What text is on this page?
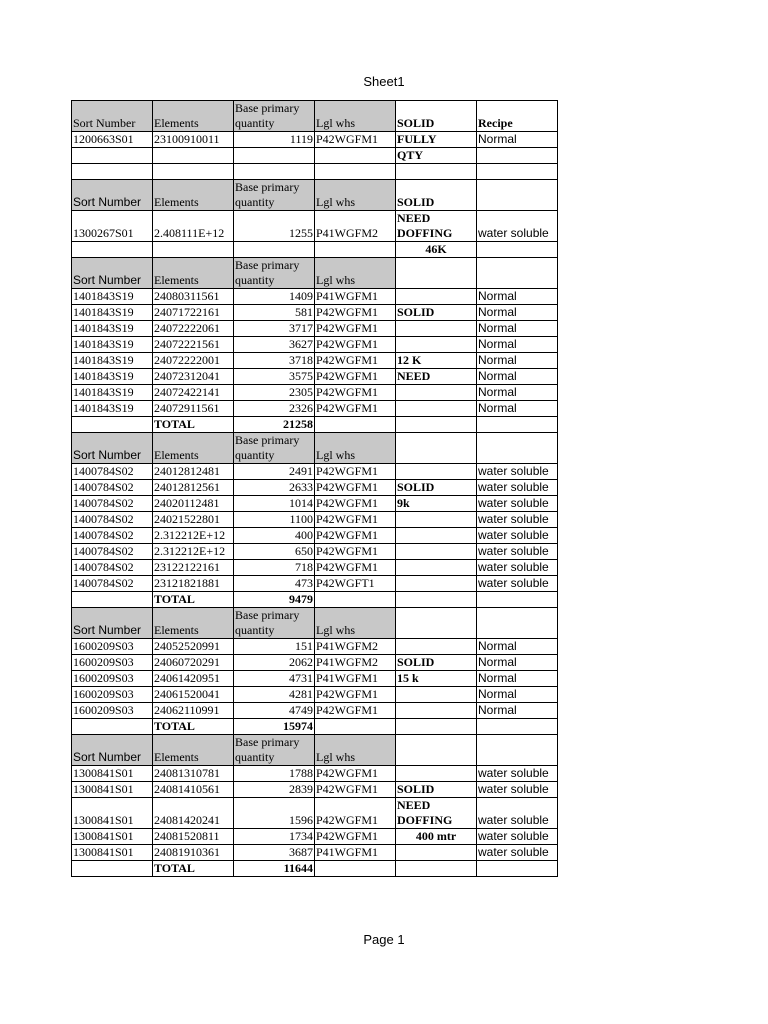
Sheet1
Sort Number	Elements	Base primary quantity	Lgl whs	SOLID	Recipe
1200663S01	23100910011	1119	P42WGFM1	FULLY	Normal
				QTY	

Sort Number	Elements	Base primary quantity	Lgl whs	SOLID	
1300267S01	2.408111E+12	1255	P41WGFM2	NEED DOFFING	water soluble
				46K	
Sort Number	Elements	Base primary quantity	Lgl whs		
1401843S19	24080311561	1409	P41WGFM1		Normal
1401843S19	24071722161	581	P42WGFM1	SOLID	Normal
1401843S19	24072222061	3717	P42WGFM1		Normal
1401843S19	24072221561	3627	P42WGFM1		Normal
1401843S19	24072222001	3718	P42WGFM1	12 K	Normal
1401843S19	24072312041	3575	P42WGFM1	NEED	Normal
1401843S19	24072422141	2305	P42WGFM1		Normal
1401843S19	24072911561	2326	P42WGFM1		Normal
	TOTAL	21258			
Sort Number	Elements	Base primary quantity	Lgl whs		
1400784S02	24012812481	2491	P42WGFM1		water soluble
1400784S02	24012812561	2633	P42WGFM1	SOLID	water soluble
1400784S02	24020112481	1014	P42WGFM1	9k	water soluble
1400784S02	24021522801	1100	P42WGFM1		water soluble
1400784S02	2.312212E+12	400	P42WGFM1		water soluble
1400784S02	2.312212E+12	650	P42WGFM1		water soluble
1400784S02	23122122161	718	P42WGFM1		water soluble
1400784S02	23121821881	473	P42WGFT1		water soluble
	TOTAL	9479			
Sort Number	Elements	Base primary quantity	Lgl whs		
1600209S03	24052520991	151	P41WGFM2		Normal
1600209S03	24060720291	2062	P41WGFM2	SOLID	Normal
1600209S03	24061420951	4731	P41WGFM1	15 k	Normal
1600209S03	24061520041	4281	P42WGFM1		Normal
1600209S03	24062110991	4749	P42WGFM1		Normal
	TOTAL	15974			
Sort Number	Elements	Base primary quantity	Lgl whs		
1300841S01	24081310781	1788	P42WGFM1		water soluble
1300841S01	24081410561	2839	P42WGFM1	SOLID	water soluble
1300841S01	24081420241	1596	P42WGFM1	NEED DOFFING	water soluble
1300841S01	24081520811	1734	P42WGFM1	400 mtr	water soluble
1300841S01	24081910361	3687	P41WGFM1		water soluble
	TOTAL	11644			
Page 1
